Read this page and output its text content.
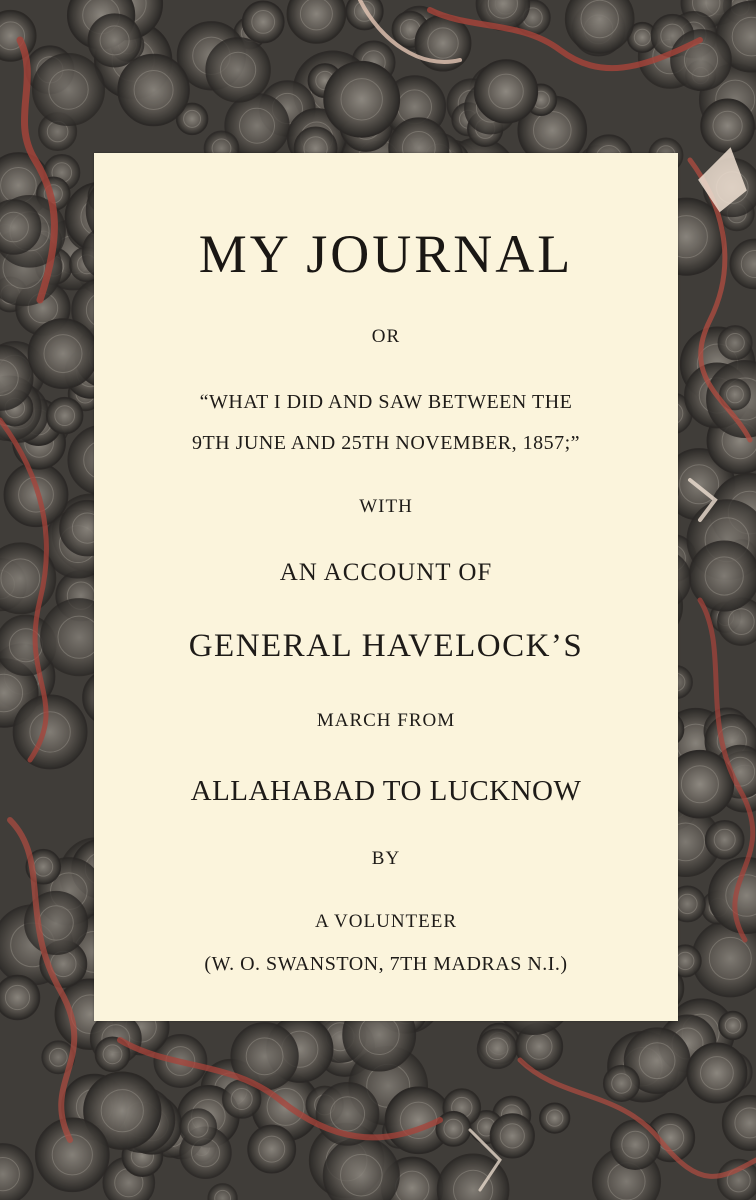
MY JOURNAL
OR
“WHAT I DID AND SAW BETWEEN THE
9TH JUNE AND 25TH NOVEMBER, 1857;”
WITH
AN ACCOUNT OF
GENERAL HAVELOCK’S
MARCH FROM
ALLAHABAD TO LUCKNOW
BY
A VOLUNTEER
(W. O. SWANSTON, 7TH MADRAS N.I.)
